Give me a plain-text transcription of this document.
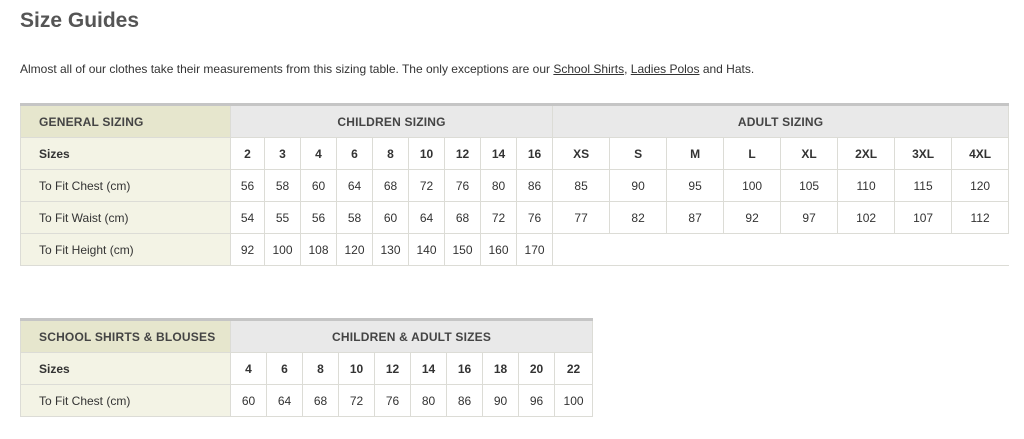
Size Guides
Almost all of our clothes take their measurements from this sizing table. The only exceptions are our School Shirts, Ladies Polos and Hats.
GENERAL SIZING	CHILDREN SIZING									ADULT SIZING							
Sizes	2	3	4	6	8	10	12	14	16	XS	S	M	L	XL	2XL	3XL	4XL
To Fit Chest (cm)	56	58	60	64	68	72	76	80	86	85	90	95	100	105	110	115	120
To Fit Waist (cm)	54	55	56	58	60	64	68	72	76	77	82	87	92	97	102	107	112
To Fit Height (cm)	92	100	108	120	130	140	150	160	170								
SCHOOL SHIRTS & BLOUSES	CHILDREN & ADULT SIZES									
Sizes	4	6	8	10	12	14	16	18	20	22
To Fit Chest (cm)	60	64	68	72	76	80	86	90	96	100
